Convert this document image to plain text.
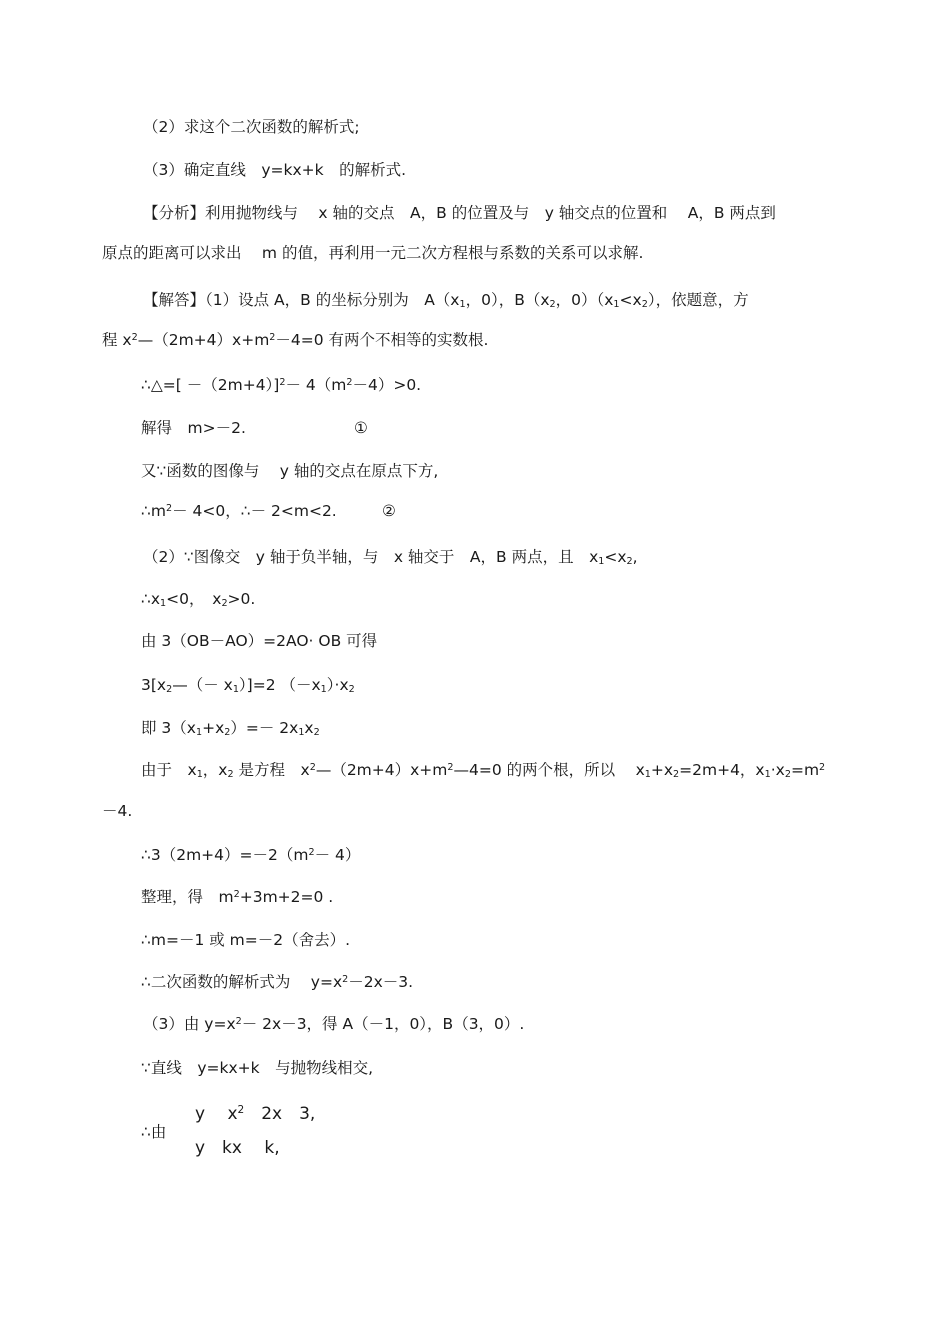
（2）求这个二次函数的解析式;
（3）确定直线　y=kx+k　的解析式.
【分析】利用抛物线与　 x 轴的交点　A，B 的位置及与　y 轴交点的位置和　 A，B 两点到
原点的距离可以求出　 m 的值，再利用一元二次方程根与系数的关系可以求解.
【解答】（1）设点 A，B 的坐标分别为　A（x1，0），B（x2，0）（x1<x2），依题意，方
程 $x^2—(2m+4)x+m^2-4=0$ 有两个不相等的实数根.
∴△=[ $-(2m+4)]^2- 4(m^2-4)>0$.
解得　m>－2.	①
又∵函数的图像与　 y 轴的交点在原点下方,
$\therefore m^2- 4<0$，∴－ 2<m<2.	②
（2）∵图像交　y 轴于负半轴，与　x 轴交于　A，B 两点，且　x1<x2,
∴x1<0，　x2>0.
由 3（OB－AO）=2AO· OB 可得
3[x2—（－ x1）]=2 （－x1）·x2
即 3（x1+x2）=－ 2x1x2
由于　x1，x2 是方程　$x^2—(2m+4)x+m^2—4=0$ 的两个根，所以　 x1+x2=2m+4，$x1\cdot x2=m^2$
－4.
$\therefore 3(2m+4)=-2(m^2- 4)$
整理，得　$m^2+3m+2=0$ .
∴m=－1 或 m=－2（舍去）.
∴二次函数的解析式为　 $y=x^2-2x-3$.
（3）由 $y=x^2- 2x-3$，得 A（－1，0），B（3，0）.
∵直线　y=kx+k　与抛物线相交,
∴由
y　 $x^2$　2x　3,
y　kx　 k,
